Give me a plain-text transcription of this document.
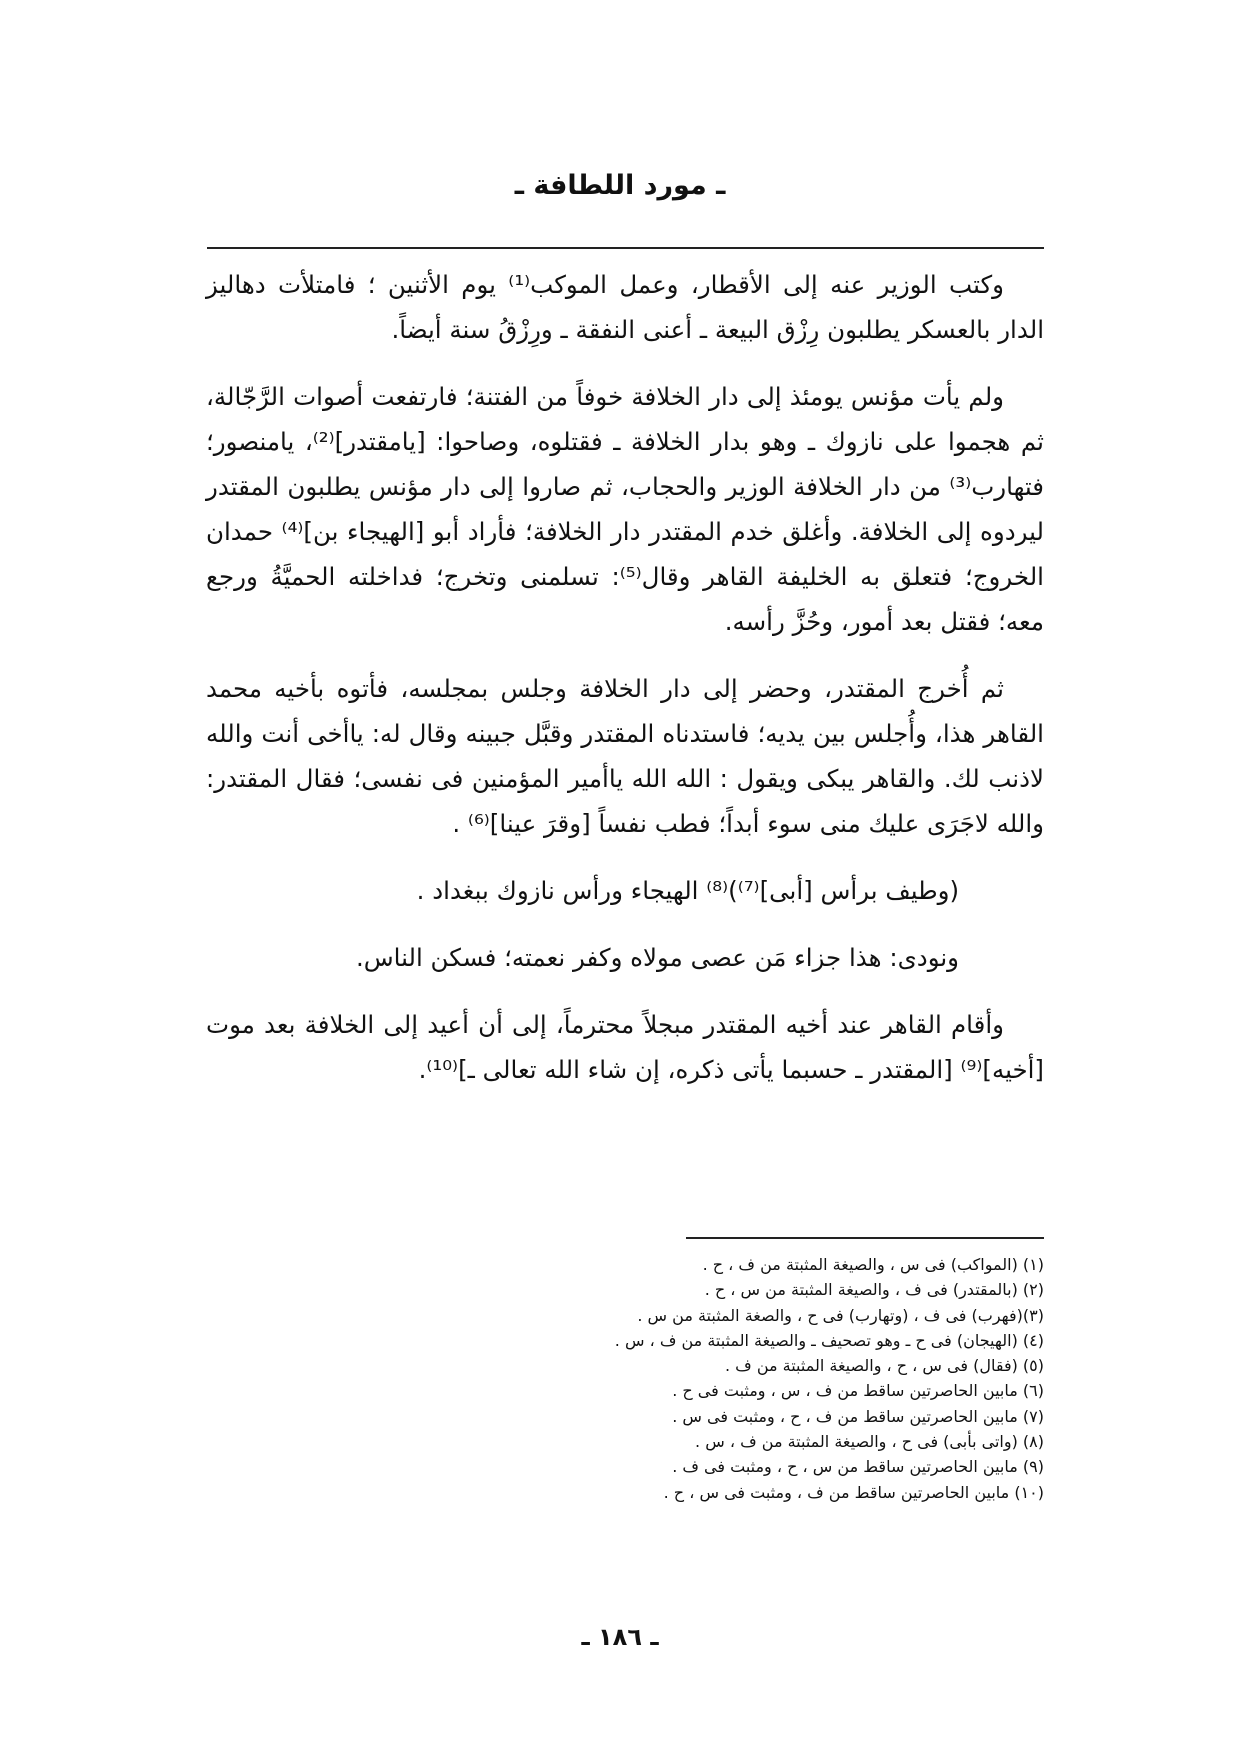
ـ مورد اللطافة ـ

وكتب الوزير عنه إلى الأقطار، وعمل الموكب⁽¹⁾ يوم الأثنين ؛ فامتلأت دهاليز الدار بالعسكر يطلبون رِزْق البيعة ـ أعنى النفقة ـ ورِزْقُ سنة أيضاً.

ولم يأت مؤنس يومئذ إلى دار الخلافة خوفاً من الفتنة؛ فارتفعت أصوات الرَّجّالة، ثم هجموا على نازوك ـ وهو بدار الخلافة ـ فقتلوه، وصاحوا: [يامقتدر]⁽²⁾، يامنصور؛ فتهارب⁽³⁾ من دار الخلافة الوزير والحجاب، ثم صاروا إلى دار مؤنس يطلبون المقتدر ليردوه إلى الخلافة. وأغلق خدم المقتدر دار الخلافة؛ فأراد أبو [الهيجاء بن]⁽⁴⁾ حمدان الخروج؛ فتعلق به الخليفة القاهر وقال⁽⁵⁾: تسلمنى وتخرج؛ فداخلته الحميَّةُ ورجع معه؛ فقتل بعد أمور، وحُزَّ رأسه.

ثم أُخرج المقتدر، وحضر إلى دار الخلافة وجلس بمجلسه، فأتوه بأخيه محمد القاهر هذا، وأُجلس بين يديه؛ فاستدناه المقتدر وقبَّل جبينه وقال له: ياأخى أنت والله لاذنب لك. والقاهر يبكى ويقول : الله الله ياأمير المؤمنين فى نفسى؛ فقال المقتدر: والله لاجَرَى عليك منى سوء أبداً؛ فطب نفساً [وقرَ عينا]⁽⁶⁾ .

(وطيف برأس [أبى]⁽⁷⁾)⁽⁸⁾ الهيجاء ورأس نازوك ببغداد .

ونودى: هذا جزاء مَن عصى مولاه وكفر نعمته؛ فسكن الناس.

وأقام القاهر عند أخيه المقتدر مبجلاً محترماً، إلى أن أعيد إلى الخلافة بعد موت [أخيه]⁽⁹⁾ [المقتدر ـ حسبما يأتى ذكره، إن شاء الله تعالى ـ]⁽¹⁰⁾.

(١) (المواكب) فى س ، والصيغة المثبتة من ف ، ح .
(٢) (بالمقتدر) فى ف ، والصيغة المثبتة من س ، ح .
(٣)(فهرب) فى ف ، (وتهارب) فى ح ، والصغة المثبتة من س .
(٤) (الهيجان) فى ح ـ وهو تصحيف ـ والصيغة المثبتة من ف ، س .
(٥) (فقال) فى س ، ح ، والصيغة المثبتة من ف .
(٦) مابين الحاصرتين ساقط من ف ، س ، ومثبت فى ح .
(٧) مابين الحاصرتين ساقط من ف ، ح ، ومثبت فى س .
(٨) (واتى بأبى) فى ح ، والصيغة المثبتة من ف ، س .
(٩) مابين الحاصرتين ساقط من س ، ح ، ومثبت فى ف .
(١٠) مابين الحاصرتين ساقط من ف ، ومثبت فى س ، ح .
ـ ١٨٦ ـ
